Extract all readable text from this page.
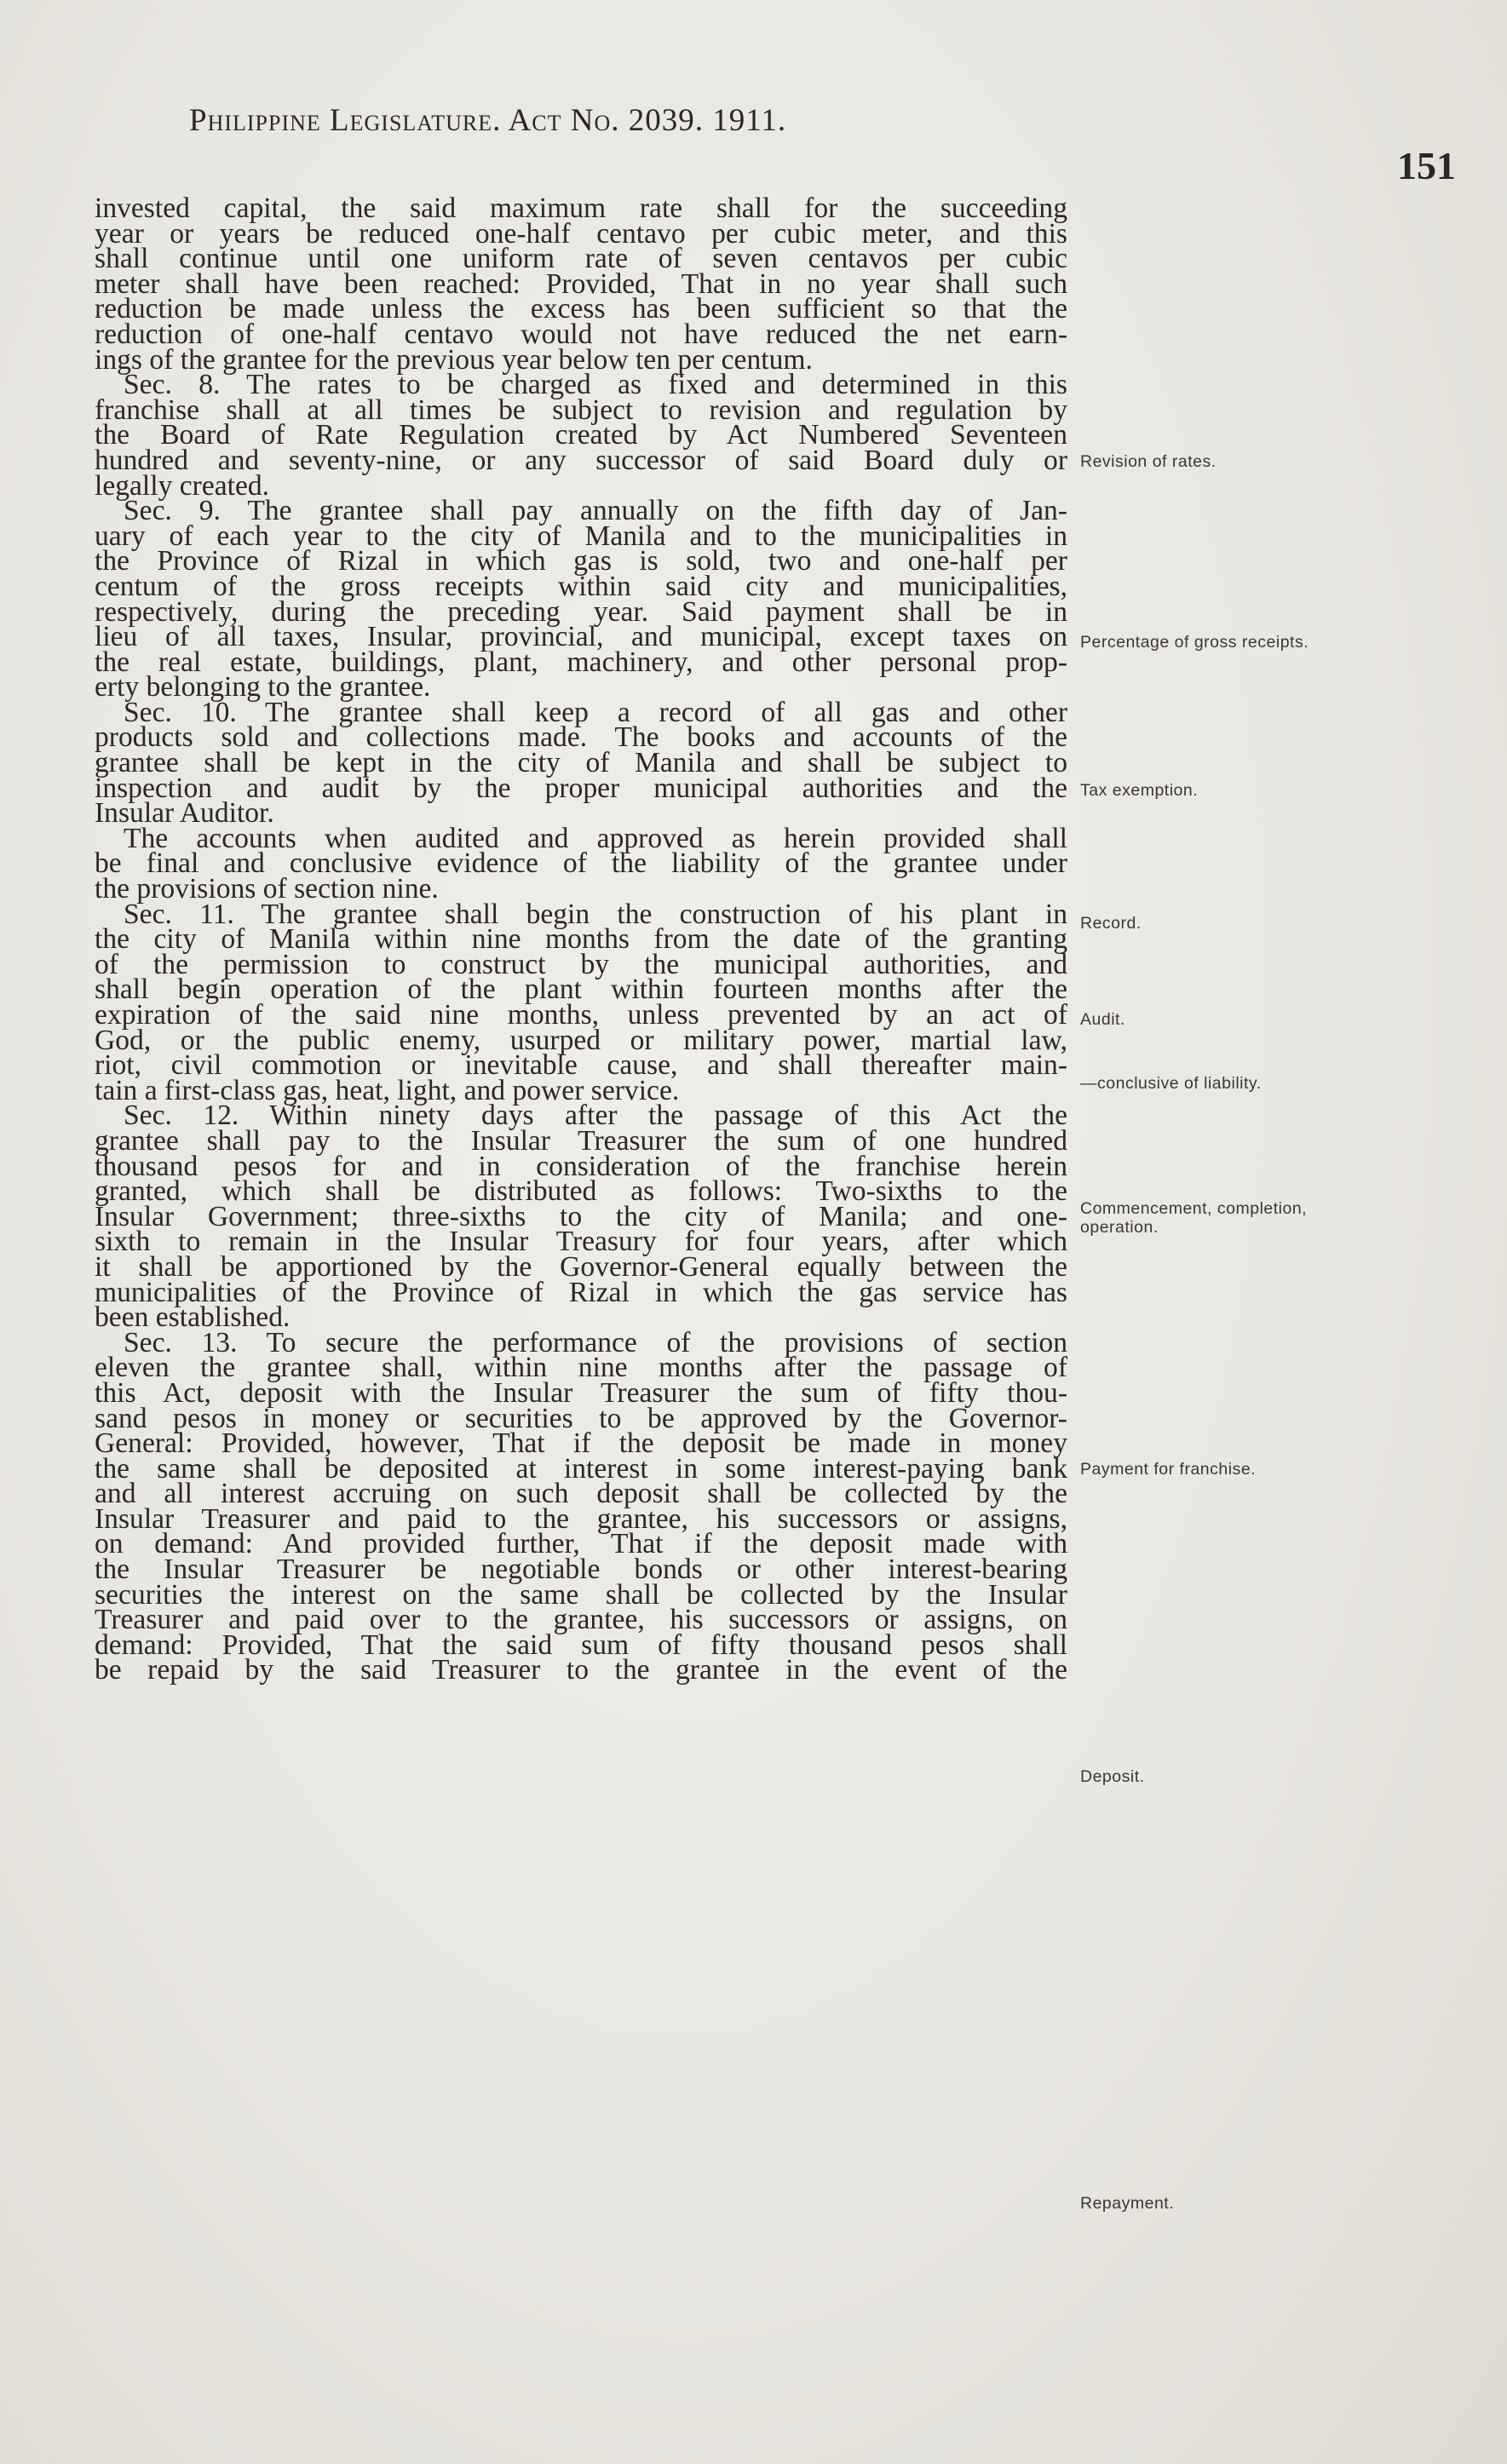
Philippine Legislature. Act No. 2039. 1911.
151
invested capital, the said maximum rate shall for the succeeding
year or years be reduced one-half centavo per cubic meter, and this
shall continue until one uniform rate of seven centavos per cubic
meter shall have been reached: Provided, That in no year shall such
reduction be made unless the excess has been sufficient so that the
reduction of one-half centavo would not have reduced the net earn-
ings of the grantee for the previous year below ten per centum.
Sec. 8. The rates to be charged as fixed and determined in this
franchise shall at all times be subject to revision and regulation by
the Board of Rate Regulation created by Act Numbered Seventeen
hundred and seventy-nine, or any successor of said Board duly or
legally created.
Sec. 9. The grantee shall pay annually on the fifth day of Jan-
uary of each year to the city of Manila and to the municipalities in
the Province of Rizal in which gas is sold, two and one-half per
centum of the gross receipts within said city and municipalities,
respectively, during the preceding year. Said payment shall be in
lieu of all taxes, Insular, provincial, and municipal, except taxes on
the real estate, buildings, plant, machinery, and other personal prop-
erty belonging to the grantee.
Sec. 10. The grantee shall keep a record of all gas and other
products sold and collections made. The books and accounts of the
grantee shall be kept in the city of Manila and shall be subject to
inspection and audit by the proper municipal authorities and the
Insular Auditor.
The accounts when audited and approved as herein provided shall
be final and conclusive evidence of the liability of the grantee under
the provisions of section nine.
Sec. 11. The grantee shall begin the construction of his plant in
the city of Manila within nine months from the date of the granting
of the permission to construct by the municipal authorities, and
shall begin operation of the plant within fourteen months after the
expiration of the said nine months, unless prevented by an act of
God, or the public enemy, usurped or military power, martial law,
riot, civil commotion or inevitable cause, and shall thereafter main-
tain a first-class gas, heat, light, and power service.
Sec. 12. Within ninety days after the passage of this Act the
grantee shall pay to the Insular Treasurer the sum of one hundred
thousand pesos for and in consideration of the franchise herein
granted, which shall be distributed as follows: Two-sixths to the
Insular Government; three-sixths to the city of Manila; and one-
sixth to remain in the Insular Treasury for four years, after which
it shall be apportioned by the Governor-General equally between the
municipalities of the Province of Rizal in which the gas service has
been established.
Sec. 13. To secure the performance of the provisions of section
eleven the grantee shall, within nine months after the passage of
this Act, deposit with the Insular Treasurer the sum of fifty thou-
sand pesos in money or securities to be approved by the Governor-
General: Provided, however, That if the deposit be made in money
the same shall be deposited at interest in some interest-paying bank
and all interest accruing on such deposit shall be collected by the
Insular Treasurer and paid to the grantee, his successors or assigns,
on demand: And provided further, That if the deposit made with
the Insular Treasurer be negotiable bonds or other interest-bearing
securities the interest on the same shall be collected by the Insular
Treasurer and paid over to the grantee, his successors or assigns, on
demand: Provided, That the said sum of fifty thousand pesos shall
be repaid by the said Treasurer to the grantee in the event of the
Revision of rates.
Percentage of gross receipts.
Tax exemption.
Record.
Audit.
—conclusive of liability.
Commencement, completion, operation.
Payment for franchise.
Deposit.
Repayment.
